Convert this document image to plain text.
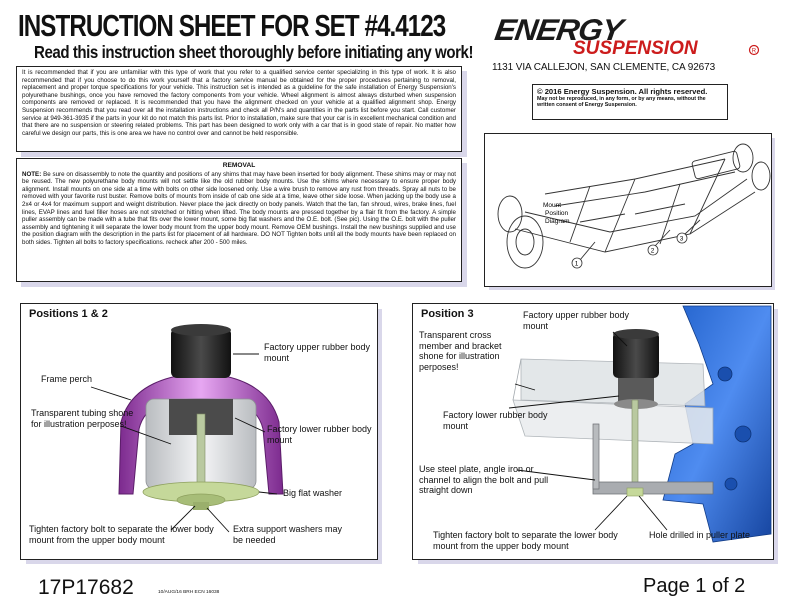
INSTRUCTION SHEET FOR SET #4.4123
Read this instruction sheet thoroughly before initiating any work!
ENERGY
SUSPENSION	R
1131 VIA CALLEJON, SAN CLEMENTE, CA 92673
© 2016 Energy Suspension. All rights reserved.
May not be reproduced, in any form, or by any means, without the written consent of Energy Suspension.
It is recommended that if you are unfamiliar with this type of work that you refer to a qualified service center specializing in this type of work. It is also recommended that if you choose to do this work yourself that a factory service manual be obtained for the proper procedures pertaining to removal, replacement and proper torque specifications for your vehicle. This instruction set is intended as a guideline for the safe installation of Energy Suspension's polyurethane bushings, once you have removed the factory components from your vehicle. Wheel alignment is almost always disturbed when suspension components are removed or replaced. It is recommended that you have the alignment checked on your vehicle at a qualified alignment shop. Energy Suspension recommends that you read over all the installation instructions and check all P/N's and quantities in the parts list before you start. Call customer service at 949-361-3935 if the parts in your kit do not match this parts list. Prior to installation, make sure that your car is in excellent mechanical condition and that there are no suspension or steering related problems. This part has been designed to work only with a car that is in good state of repair. No matter how careful we design our parts, this is one area we have no control over and cannot be held responsible.
REMOVAL
NOTE: Be sure on disassembly to note the quantity and positions of any shims that may have been inserted for body alignment. These shims may or may not be reused. The new polyurethane body mounts will not settle like the old rubber body mounts. Use the shims where necessary to ensure proper body alignment. Install mounts on one side at a time with bolts on other side loosened only. Use a wire brush to remove any rust from threads. Spray all nuts to be removed with your favorite rust buster. Remove bolts of mounts from inside of cab one side at a time, leave other side loose. When jacking up the body use a 2x4 or 4x4 for maximum support and weight distribution. Never place the jack directly on body panels. Watch that the fan, fan shroud, wires, brake lines, fuel lines, EVAP lines and fuel filler hoses are not stretched or hitting when lifted. The body mounts are pressed together by a flair fit from the factory. A simple puller assembly can be made with a tube that fits over the lower mount, some big flat washers and the O.E. bolt. (See pic). Using the O.E. bolt with the puller assembly and tightening it will separate the lower body mount from the upper body mount. Remove OEM bushings. Install the new bushings supplied and use the position diagram with the description in the parts list for placement of all hardware. DO NOT Tighten bolts until all the body mounts have been replaced on both sides. Tighten all bolts to factory specifications. recheck after 200 - 500 miles.
1
2
3
Mount
Position
Diagram
Positions 1 & 2
Factory upper rubber body mount
Frame perch
Transparent tubing shone for illustration perposes!
Factory lower rubber body mount
Big flat washer
Tighten factory bolt to separate the lower body mount from the upper body mount
Extra support washers may be needed
Position 3	Factory upper rubber body mount
Transparent cross member and bracket shone for illustration perposes!
Factory lower rubber body mount
Use steel plate, angle iron or channel to align the bolt and pull straight down
Tighten factory bolt to separate the lower body mount from the upper body mount
Hole drilled in puller plate
17P17682	10/AUG/16 BRH ECN 16038	Page 1 of 2
